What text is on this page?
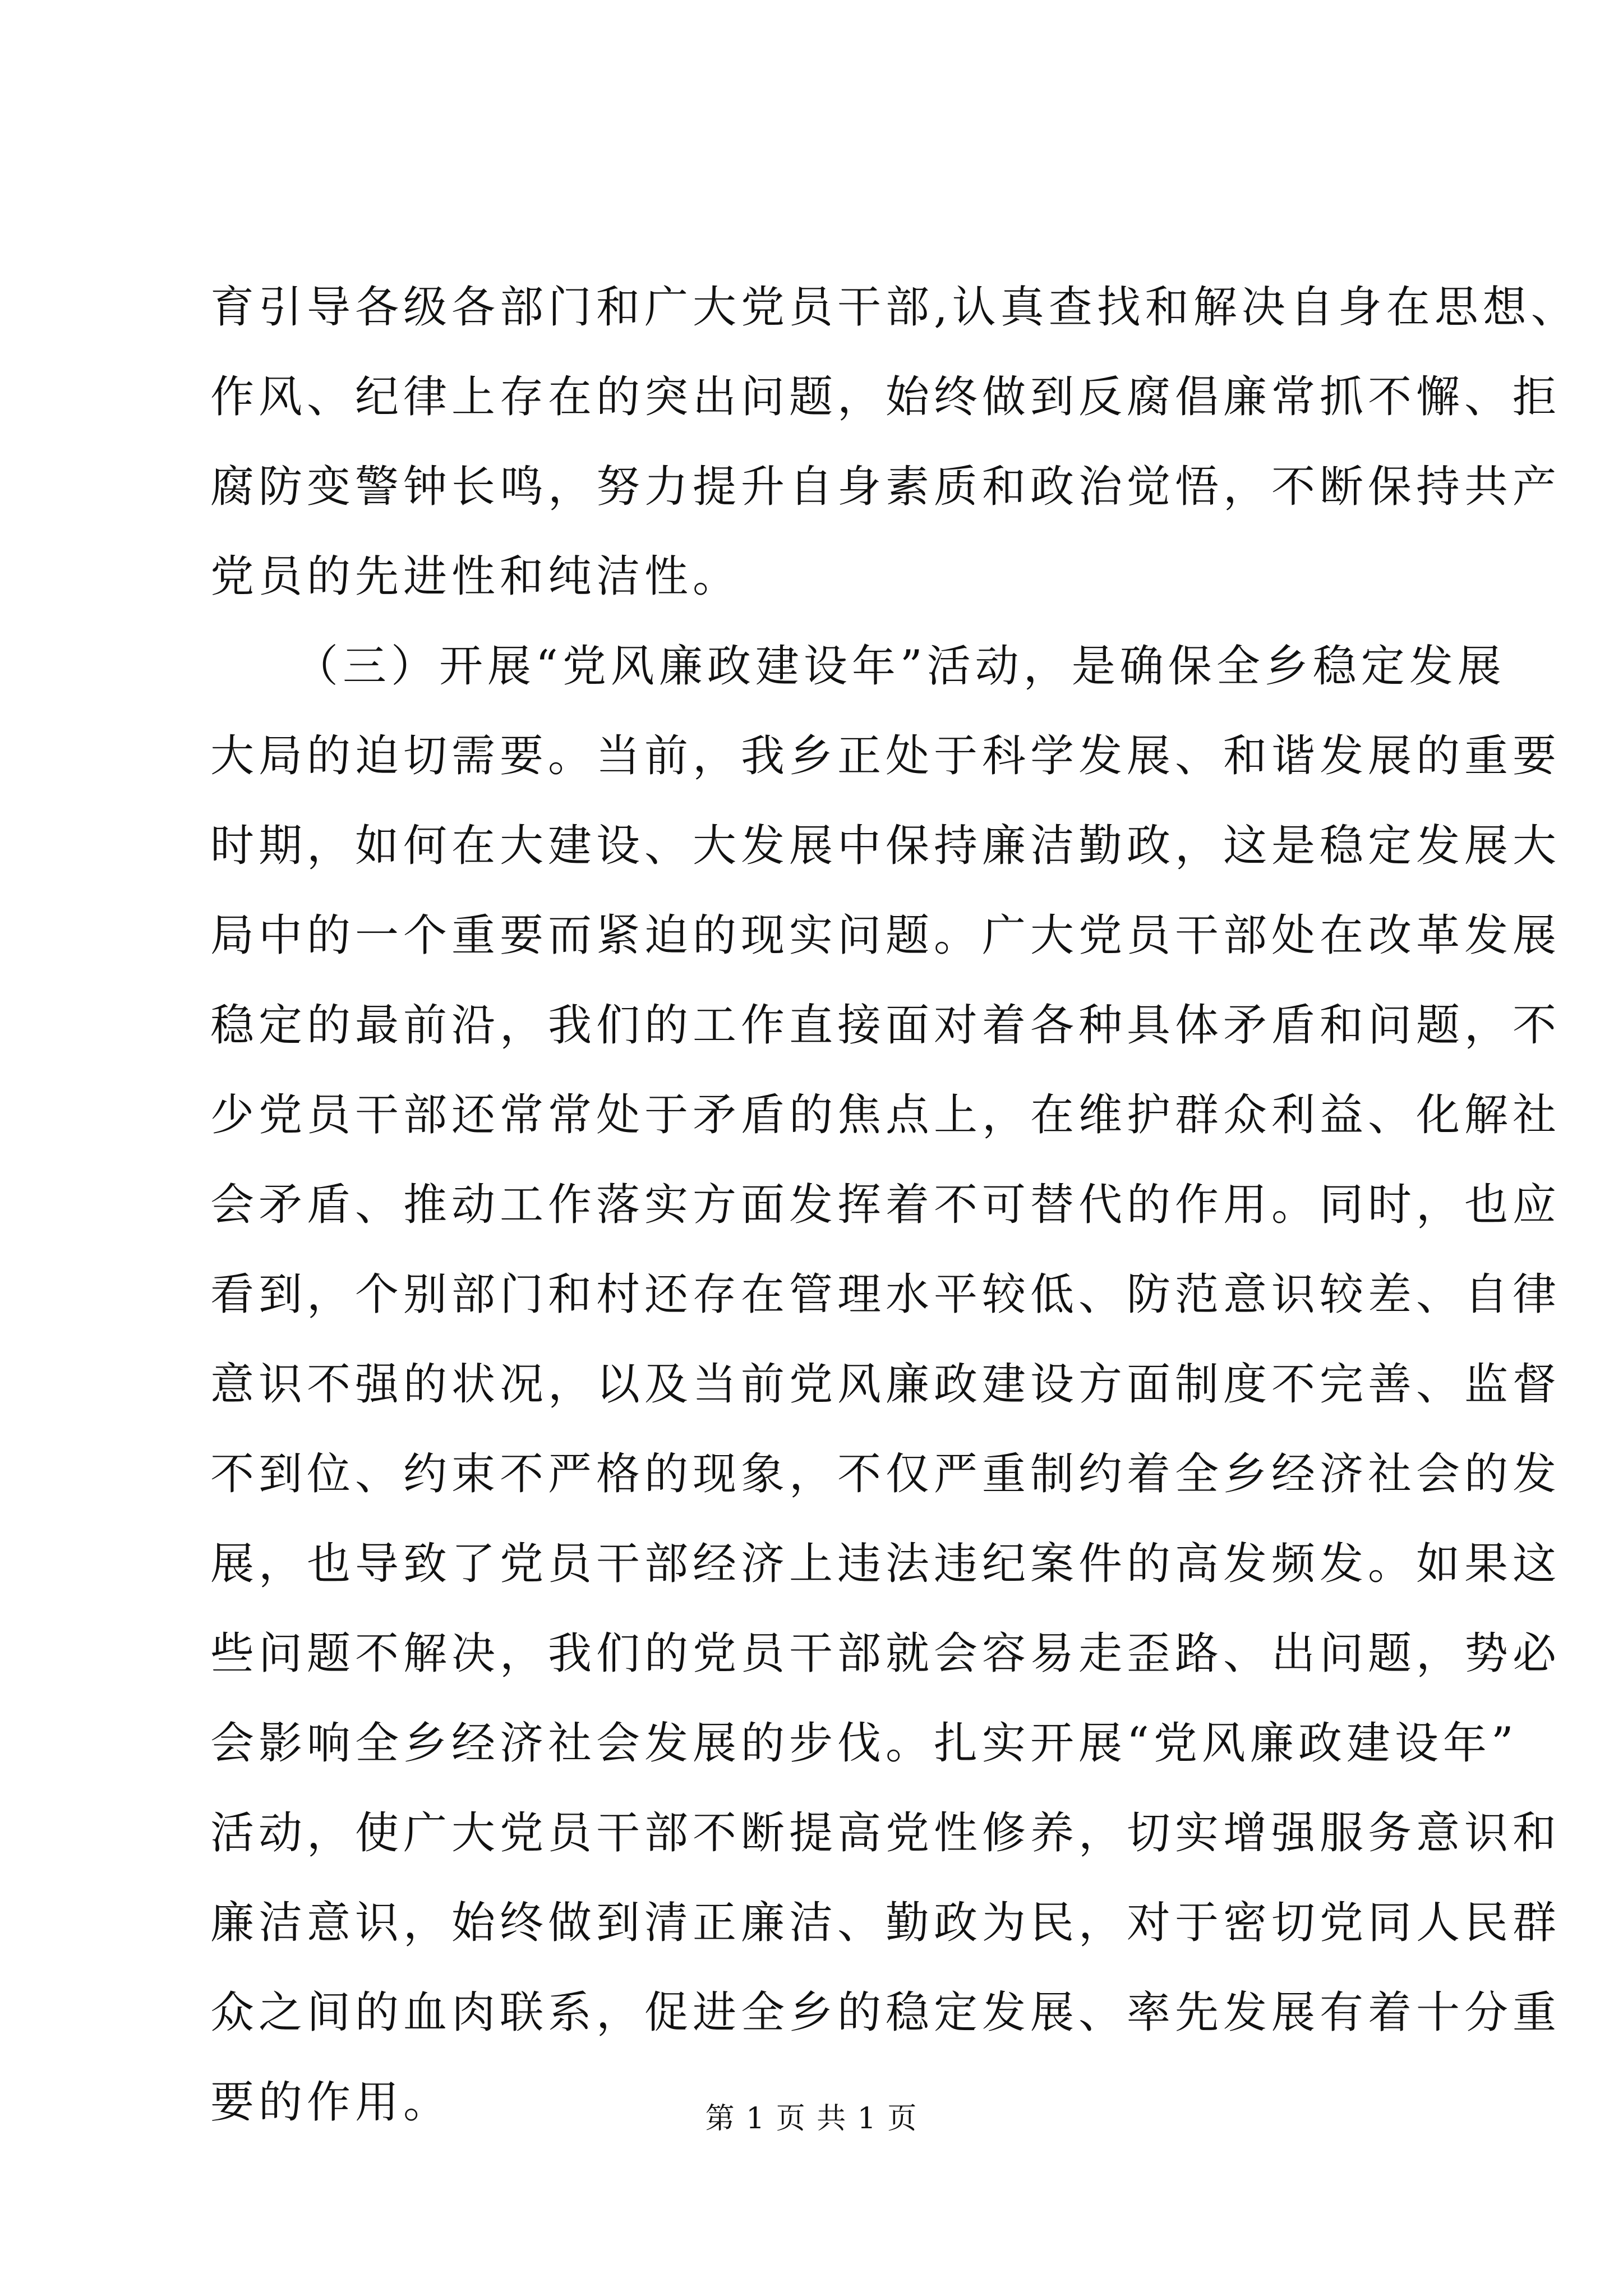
育引导各级各部门和广大党员干部,认真查找和解决自身在思想、
作风、纪律上存在的突出问题，始终做到反腐倡廉常抓不懈、拒
腐防变警钟长鸣，努力提升自身素质和政治觉悟，不断保持共产
党员的先进性和纯洁性。
（三）开展“党风廉政建设年”活动，是确保全乡稳定发展
大局的迫切需要。当前，我乡正处于科学发展、和谐发展的重要
时期，如何在大建设、大发展中保持廉洁勤政，这是稳定发展大
局中的一个重要而紧迫的现实问题。广大党员干部处在改革发展
稳定的最前沿，我们的工作直接面对着各种具体矛盾和问题，不
少党员干部还常常处于矛盾的焦点上，在维护群众利益、化解社
会矛盾、推动工作落实方面发挥着不可替代的作用。同时，也应
看到，个别部门和村还存在管理水平较低、防范意识较差、自律
意识不强的状况，以及当前党风廉政建设方面制度不完善、监督
不到位、约束不严格的现象，不仅严重制约着全乡经济社会的发
展，也导致了党员干部经济上违法违纪案件的高发频发。如果这
些问题不解决，我们的党员干部就会容易走歪路、出问题，势必
会影响全乡经济社会发展的步伐。扎实开展“党风廉政建设年”
活动，使广大党员干部不断提高党性修养，切实增强服务意识和
廉洁意识，始终做到清正廉洁、勤政为民，对于密切党同人民群
众之间的血肉联系，促进全乡的稳定发展、率先发展有着十分重
要的作用。	第 1 页 共 1 页
